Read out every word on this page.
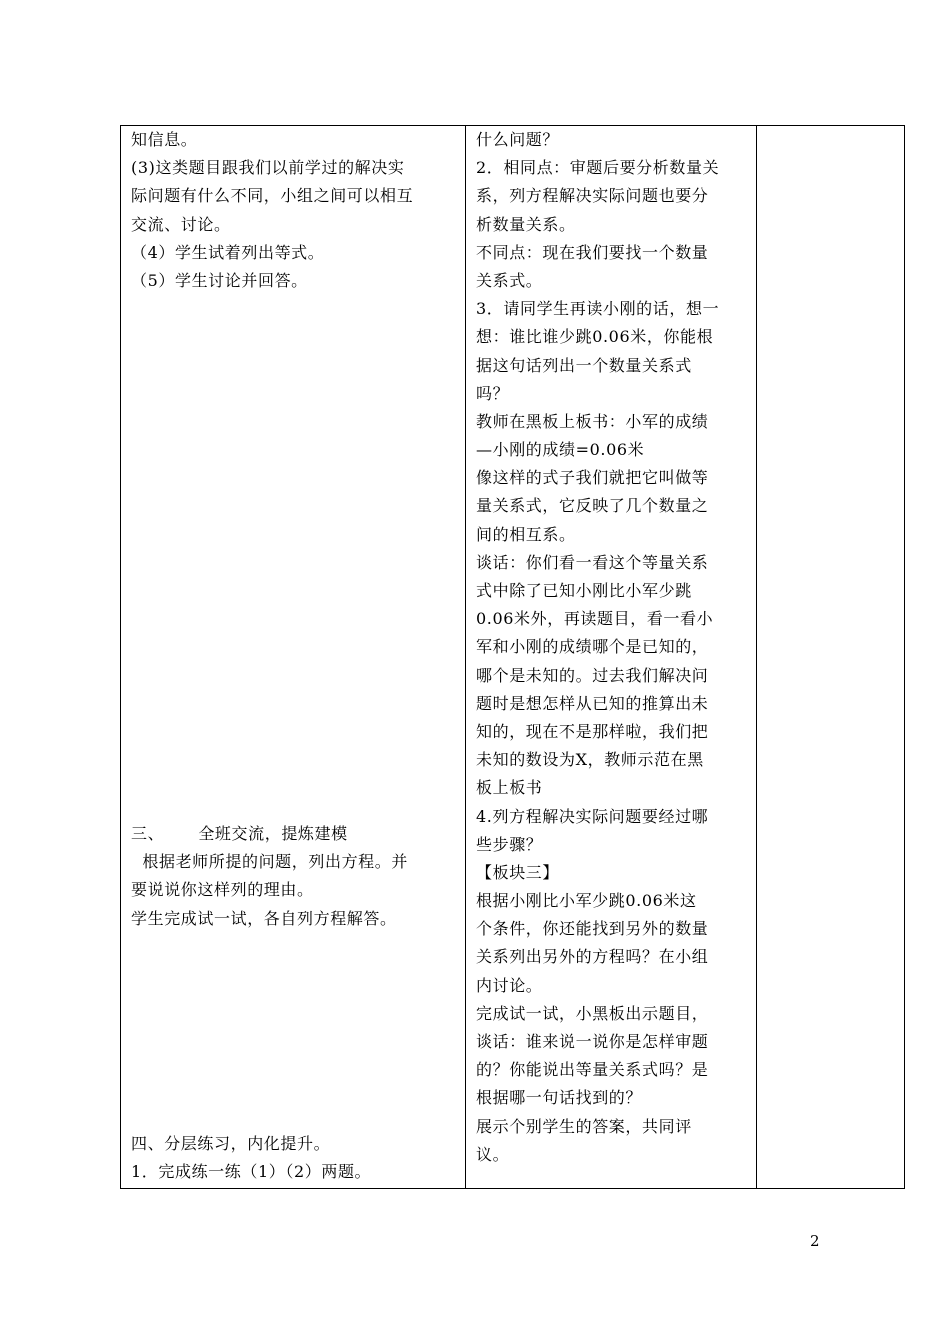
知信息。
(3)这类题目跟我们以前学过的解决实
际问题有什么不同，小组之间可以相互
交流、讨论。
（4）学生试着列出等式。
（5）学生讨论并回答。
三、      全班交流，提炼建模
根据老师所提的问题，列出方程。并
要说说你这样列的理由。
学生完成试一试，各自列方程解答。
四、分层练习，内化提升。
1．完成练一练（1）（2）两题。
什么问题？
2．相同点：审题后要分析数量关
系，列方程解决实际问题也要分
析数量关系。
不同点：现在我们要找一个数量
关系式。
3．请同学生再读小刚的话，想一
想：谁比谁少跳0.06米，你能根
据这句话列出一个数量关系式
吗？
教师在黑板上板书：小军的成绩
—小刚的成绩=0.06米
像这样的式子我们就把它叫做等
量关系式，它反映了几个数量之
间的相互系。
谈话：你们看一看这个等量关系
式中除了已知小刚比小军少跳
0.06米外，再读题目，看一看小
军和小刚的成绩哪个是已知的，
哪个是未知的。过去我们解决问
题时是想怎样从已知的推算出未
知的，现在不是那样啦，我们把
未知的数设为X，教师示范在黑
板上板书
4.列方程解决实际问题要经过哪
些步骤？
【板块三】
根据小刚比小军少跳0.06米这
个条件，你还能找到另外的数量
关系列出另外的方程吗？在小组
内讨论。
完成试一试，小黑板出示题目，
谈话：谁来说一说你是怎样审题
的？你能说出等量关系式吗？是
根据哪一句话找到的？
展示个别学生的答案，共同评
议。
2
